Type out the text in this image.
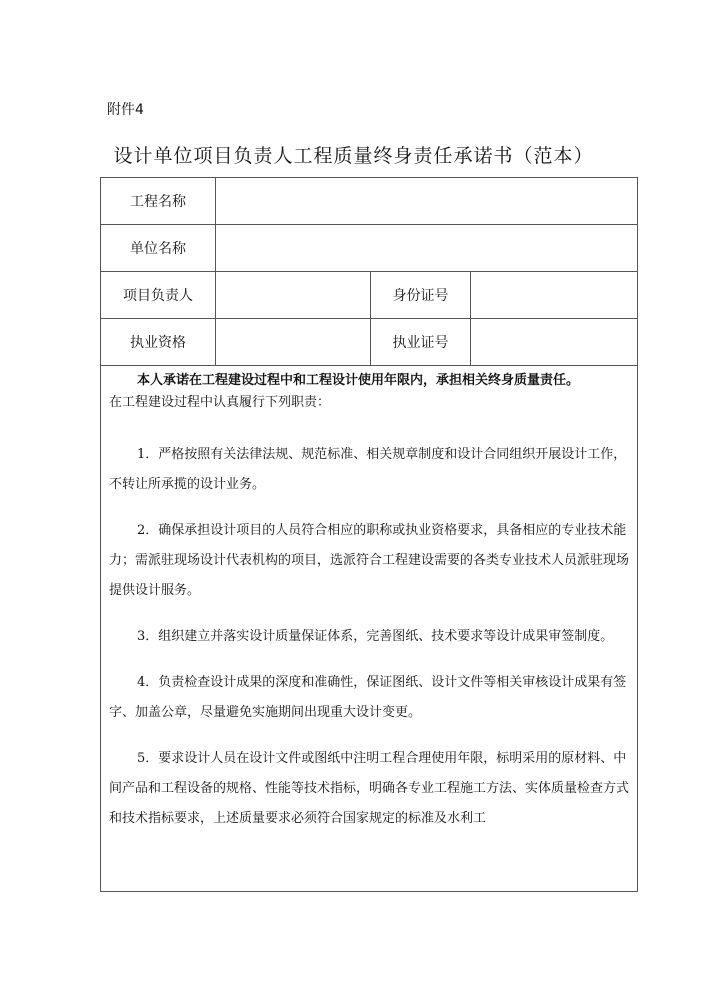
附件4
设计单位项目负责人工程质量终身责任承诺书（范本）
工程名称
单位名称
项目负责人	身份证号
执业资格	执业证号

本人承诺在工程建设过程中和工程设计使用年限内，承担相关终身质量责任。

在工程建设过程中认真履行下列职责：

1．严格按照有关法律法规、规范标准、相关规章制度和设计合同组织开展设计工作，不转让所承揽的设计业务。

2．确保承担设计项目的人员符合相应的职称或执业资格要求，具备相应的专业技术能力；需派驻现场设计代表机构的项目，选派符合工程建设需要的各类专业技术人员派驻现场提供设计服务。

3．组织建立并落实设计质量保证体系，完善图纸、技术要求等设计成果审签制度。

4．负责检查设计成果的深度和准确性，保证图纸、设计文件等相关审核设计成果有签字、加盖公章，尽量避免实施期间出现重大设计变更。

5．要求设计人员在设计文件或图纸中注明工程合理使用年限，标明采用的原材料、中间产品和工程设备的规格、性能等技术指标，明确各专业工程施工方法、实体质量检查方式和技术指标要求，上述质量要求必须符合国家规定的标准及水利工
